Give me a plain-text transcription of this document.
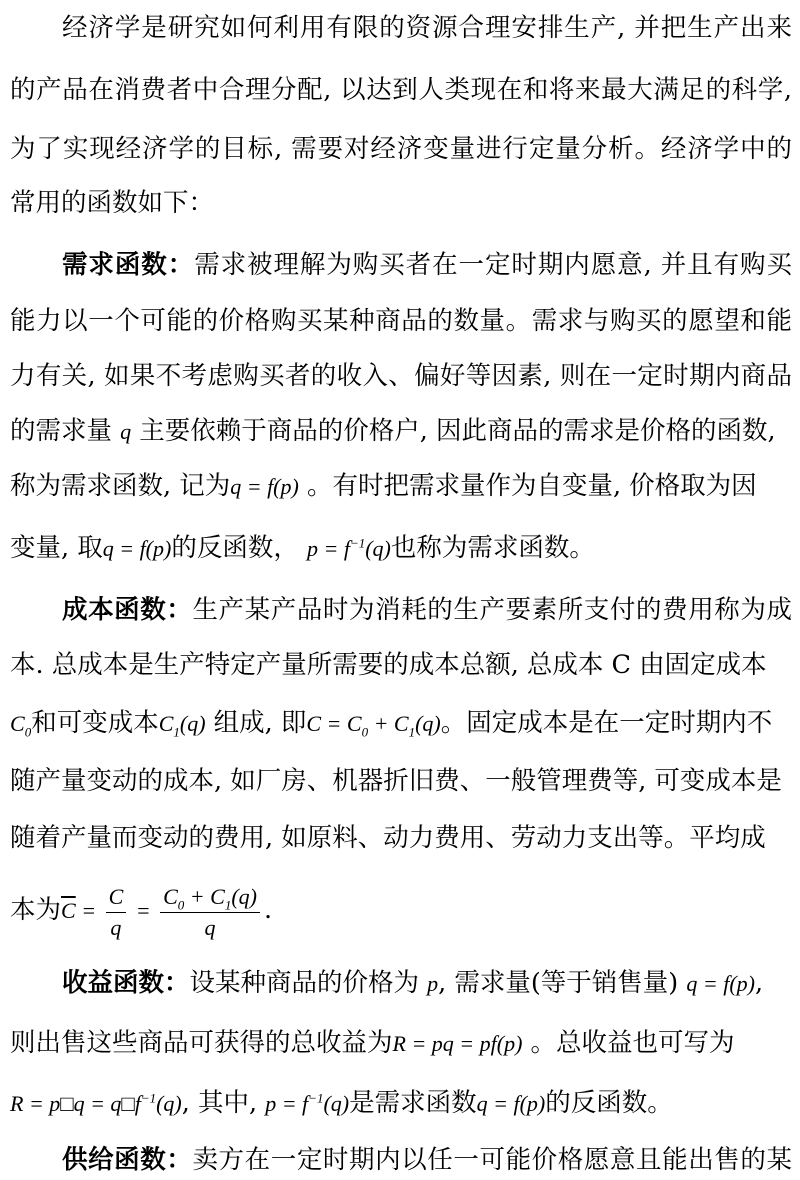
经济学是研究如何利用有限的资源合理安排生产, 并把生产出来
的产品在消费者中合理分配, 以达到人类现在和将来最大满足的科学,
为了实现经济学的目标, 需要对经济变量进行定量分析。经济学中的
常用的函数如下：
需求函数：需求被理解为购买者在一定时期内愿意, 并且有购买
能力以一个可能的价格购买某种商品的数量。需求与购买的愿望和能
力有关, 如果不考虑购买者的收入、偏好等因素, 则在一定时期内商品
的需求量 q 主要依赖于商品的价格户, 因此商品的需求是价格的函数,
称为需求函数, 记为q = f(p) 。有时把需求量作为自变量, 价格取为因
变量, 取q = f(p)的反函数， $p = f^{-1}(q)$也称为需求函数。
成本函数：生产某产品时为消耗的生产要素所支付的费用称为成
本. 总成本是生产特定产量所需要的成本总额, 总成本 C 由固定成本
$C_0$和可变成本$C_1(q)$ 组成, 即$C = C_0 + C_1(q)$。固定成本是在一定时期内不
随产量变动的成本, 如厂房、机器折旧费、一般管理费等, 可变成本是
随着产量而变动的费用, 如原料、动力费用、劳动力支出等。平均成
本为$\overline{C} = \frac{C}{q} = \frac{C_0 + C_1(q)}{q}$ .
收益函数：设某种商品的价格为 p, 需求量(等于销售量) q = f(p),
则出售这些商品可获得的总收益为R = pq = pf(p) 。总收益也可写为
R = p□q = $q□f^{-1}(q)$, 其中, $p = f^{-1}(q)$是需求函数q = f(p)的反函数。
供给函数：卖方在一定时期内以任一可能价格愿意且能出售的某
